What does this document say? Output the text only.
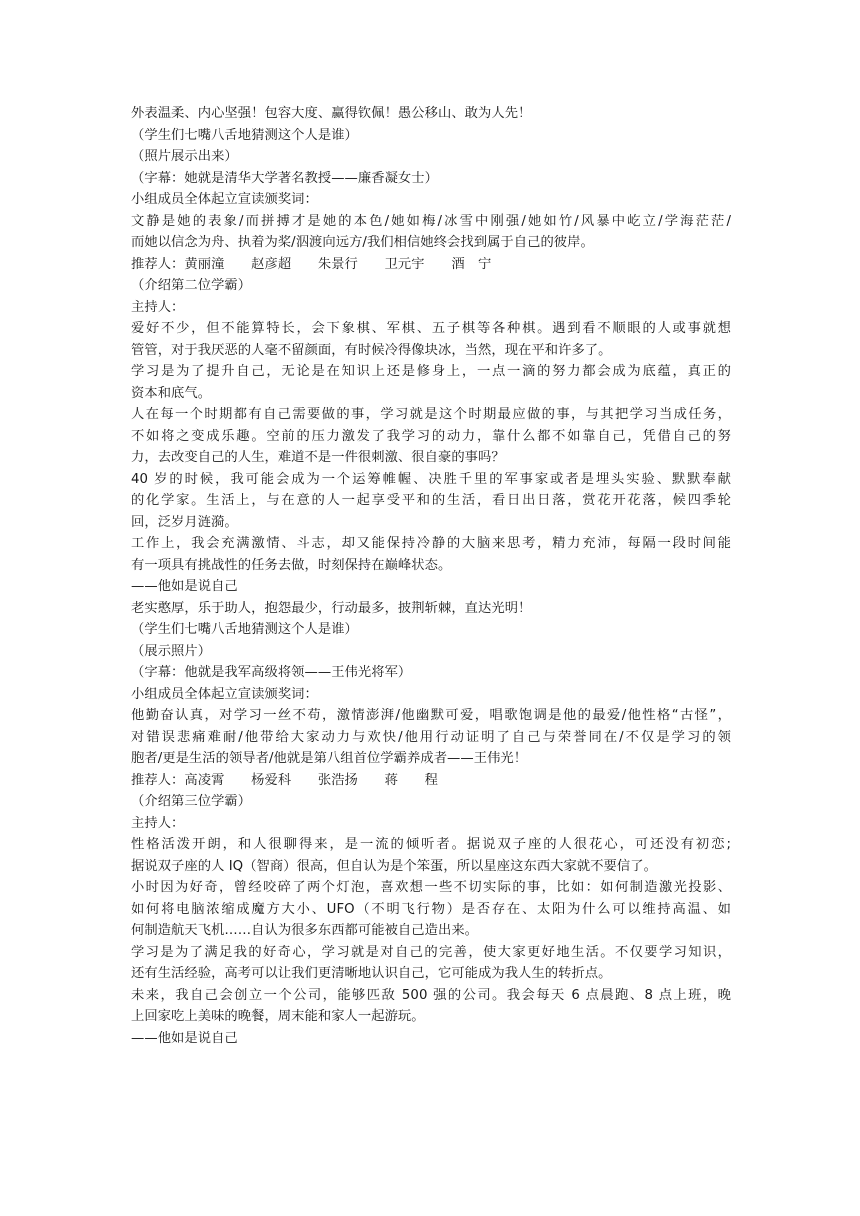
外表温柔、内心坚强！包容大度、赢得钦佩！愚公移山、敢为人先！

（学生们七嘴八舌地猜测这个人是谁）

（照片展示出来）

（字幕：她就是清华大学著名教授——廉香凝女士）

小组成员全体起立宣读颁奖词：

文静是她的表象/而拼搏才是她的本色/她如梅/冰雪中刚强/她如竹/风暴中屹立/学海茫茫/

而她以信念为舟、执着为桨/泅渡向远方/我们相信她终会找到属于自己的彼岸。

推荐人：黄丽潼　　赵彦超　　朱景行　　卫元宇　　酒　宁

（介绍第二位学霸）

主持人：

爱好不少，但不能算特长，会下象棋、军棋、五子棋等各种棋。遇到看不顺眼的人或事就想

管管，对于我厌恶的人毫不留颜面，有时候冷得像块冰，当然，现在平和许多了。

学习是为了提升自己，无论是在知识上还是修身上，一点一滴的努力都会成为底蕴，真正的

资本和底气。

人在每一个时期都有自己需要做的事，学习就是这个时期最应做的事，与其把学习当成任务，

不如将之变成乐趣。空前的压力激发了我学习的动力，靠什么都不如靠自己，凭借自己的努

力，去改变自己的人生，难道不是一件很刺激、很自豪的事吗？

40 岁的时候，我可能会成为一个运筹帷幄、决胜千里的军事家或者是埋头实验、默默奉献

的化学家。生活上，与在意的人一起享受平和的生活，看日出日落，赏花开花落，候四季轮

回，泛岁月涟漪。

工作上，我会充满激情、斗志，却又能保持冷静的大脑来思考，精力充沛，每隔一段时间能

有一项具有挑战性的任务去做，时刻保持在巅峰状态。

——他如是说自己

老实憨厚，乐于助人，抱怨最少，行动最多，披荆斩棘，直达光明！

（学生们七嘴八舌地猜测这个人是谁）

（展示照片）

（字幕：他就是我军高级将领——王伟光将军）

小组成员全体起立宣读颁奖词：

他勤奋认真，对学习一丝不苟，激情澎湃/他幽默可爱，唱歌饱调是他的最爱/他性格“古怪”，

对错误悲痛难耐/他带给大家动力与欢快/他用行动证明了自己与荣誉同在/不仅是学习的领

胞者/更是生活的领导者/他就是第八组首位学霸养成者——王伟光！

推荐人：高凌霄　　杨爱科　　张浩扬　　蒋　　程

（介绍第三位学霸）

主持人：

性格活泼开朗，和人很聊得来，是一流的倾听者。据说双子座的人很花心，可还没有初恋;

据说双子座的人 IQ（智商）很高，但自认为是个笨蛋，所以星座这东西大家就不要信了。

小时因为好奇，曾经咬碎了两个灯泡，喜欢想一些不切实际的事，比如：如何制造激光投影、

如何将电脑浓缩成魔方大小、UFO（不明飞行物）是否存在、太阳为什么可以维持高温、如

何制造航天飞机……自认为很多东西都可能被自己造出来。

学习是为了满足我的好奇心，学习就是对自己的完善，使大家更好地生活。不仅要学习知识，

还有生活经验，高考可以让我们更清晰地认识自己，它可能成为我人生的转折点。

未来，我自己会创立一个公司，能够匹敌 500 强的公司。我会每天 6 点晨跑、8 点上班，晚

上回家吃上美味的晚餐，周末能和家人一起游玩。

——他如是说自己
